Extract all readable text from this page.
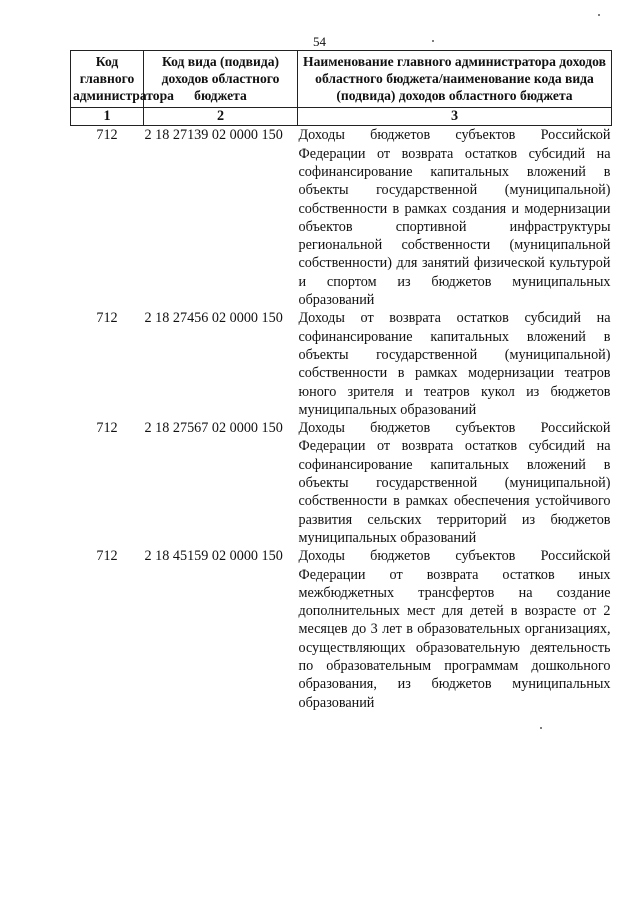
54
Код главного администратора	Код вида (подвида) доходов областного бюджета	Наименование главного администратора доходов областного бюджета/наименование кода вида (подвида) доходов областного бюджета
1	2	3
712	2 18 27139 02 0000 150	Доходы бюджетов субъектов Российской Федерации от возврата остатков субсидий на софинансирование капитальных вложений в объекты государственной (муниципальной) собственности в рамках создания и модернизации объектов спортивной инфраструктуры региональной собственности (муниципальной собственности) для занятий физической культурой и спортом из бюджетов муниципальных образований
712	2 18 27456 02 0000 150	Доходы от возврата остатков субсидий на софинансирование капитальных вложений в объекты государственной (муниципальной) собственности в рамках модернизации театров юного зрителя и театров кукол из бюджетов муниципальных образований
712	2 18 27567 02 0000 150	Доходы бюджетов субъектов Российской Федерации от возврата остатков субсидий на софинансирование капитальных вложений в объекты государственной (муниципальной) собственности в рамках обеспечения устойчивого развития сельских территорий из бюджетов муниципальных образований
712	2 18 45159 02 0000 150	Доходы бюджетов субъектов Российской Федерации от возврата остатков иных межбюджетных трансфертов на создание дополнительных мест для детей в возрасте от 2 месяцев до 3 лет в образовательных организациях, осуществляющих образовательную деятельность по образовательным программам дошкольного образования, из бюджетов муниципальных образований
